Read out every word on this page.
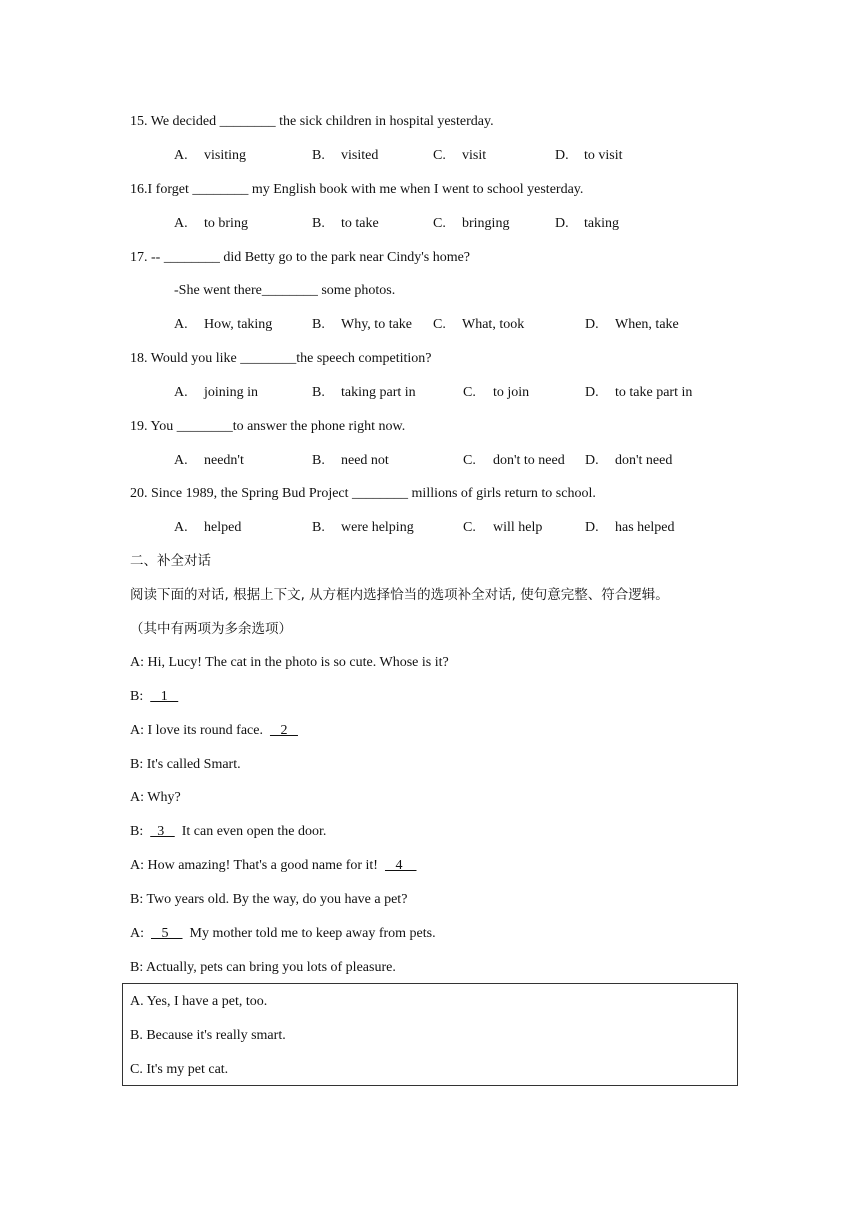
15. We decided ________ the sick children in hospital yesterday.
A. visiting	B. visited	C. visit	D. to visit
16.I forget ________ my English book with me when I went to school yesterday.
A. to bring	B. to take	C. bringing	D. taking
17. -- ________ did Betty go to the park near Cindy's home?
-She went there________ some photos.
A. How, taking	B. Why, to take C. What, took	D. When, take
18. Would you like ________the speech competition?
A. joining in	B. taking part in	C. to join	D. to take part in
19. You ________to answer the phone right now.
A. needn't	B. need not	C. don't to need D. don't need
20. Since 1989, the Spring Bud Project ________ millions of girls return to school.
A. helped	B. were helping	C. will help	D. has helped
二、补全对话
阅读下面的对话, 根据上下文, 从方框内选择恰当的选项补全对话, 使句意完整、符合逻辑。
（其中有两项为多余选项）
A: Hi, Lucy! The cat in the photo is so cute. Whose is it?
B:     1
A: I love its round face.     2
B: It's called Smart.
A: Why?
B:    3     It can even open the door.
A: How amazing! That's a good name for it!     4
B: Two years old. By the way, do you have a pet?
A:     5      My mother told me to keep away from pets.
B: Actually, pets can bring you lots of pleasure.
A. Yes, I have a pet, too.
B. Because it's really smart.
C. It's my pet cat.
